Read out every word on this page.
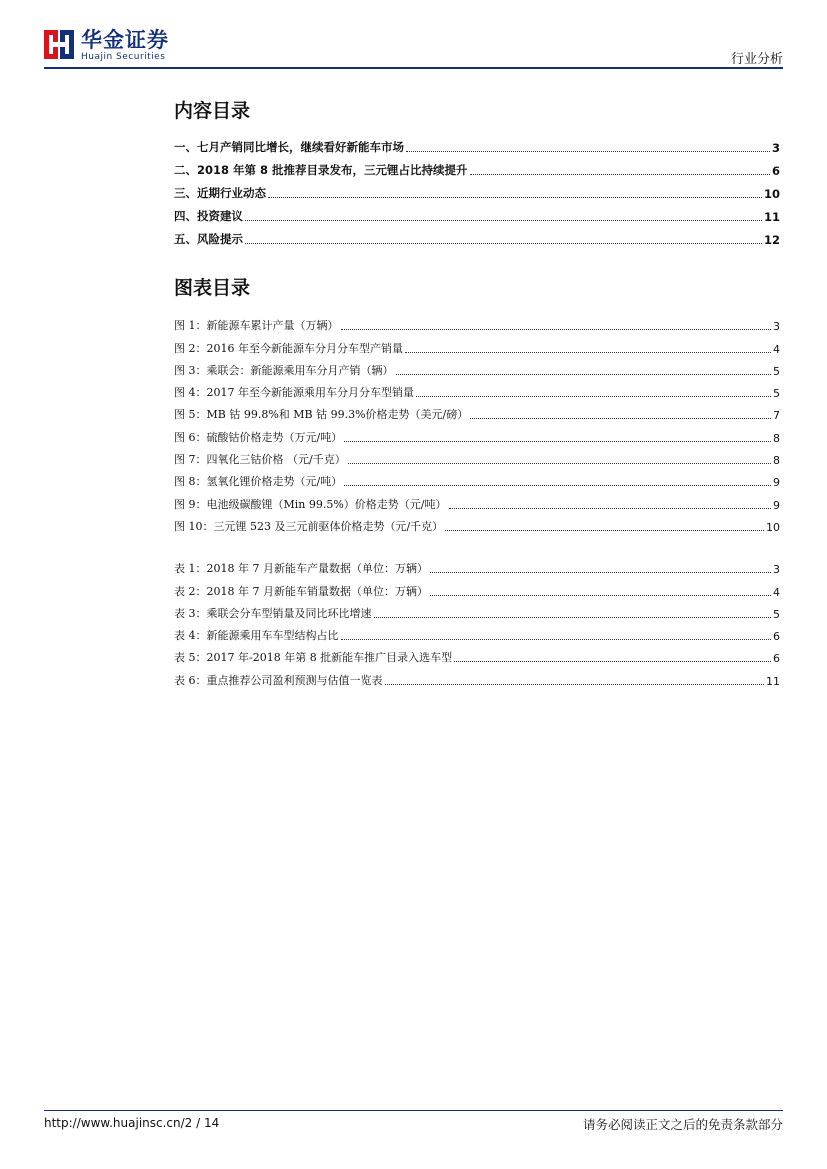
华金证券
Huajin Securities	行业分析
内容目录
一、七月产销同比增长，继续看好新能车市场	3
二、2018 年第 8 批推荐目录发布，三元锂占比持续提升	6
三、近期行业动态	10
四、投资建议	11
五、风险提示	12
图表目录
图 1：新能源车累计产量（万辆）	3
图 2：2016 年至今新能源车分月分车型产销量	4
图 3：乘联会：新能源乘用车分月产销（辆）	5
图 4：2017 年至今新能源乘用车分月分车型销量	5
图 5：MB 钴 99.8%和 MB 钴 99.3%价格走势（美元/磅）	7
图 6：硫酸钴价格走势（万元/吨）	8
图 7：四氧化三钴价格 （元/千克）	8
图 8：氢氧化锂价格走势（元/吨）	9
图 9：电池级碳酸锂（Min 99.5%）价格走势（元/吨）	9
图 10：三元锂 523 及三元前驱体价格走势（元/千克）	10
表 1：2018 年 7 月新能车产量数据（单位：万辆）	3
表 2：2018 年 7 月新能车销量数据（单位：万辆）	4
表 3：乘联会分车型销量及同比环比增速	5
表 4：新能源乘用车车型结构占比	6
表 5：2017 年-2018 年第 8 批新能车推广目录入选车型	6
表 6：重点推荐公司盈利预测与估值一览表	11
http://www.huajinsc.cn/2 / 14	请务必阅读正文之后的免责条款部分
